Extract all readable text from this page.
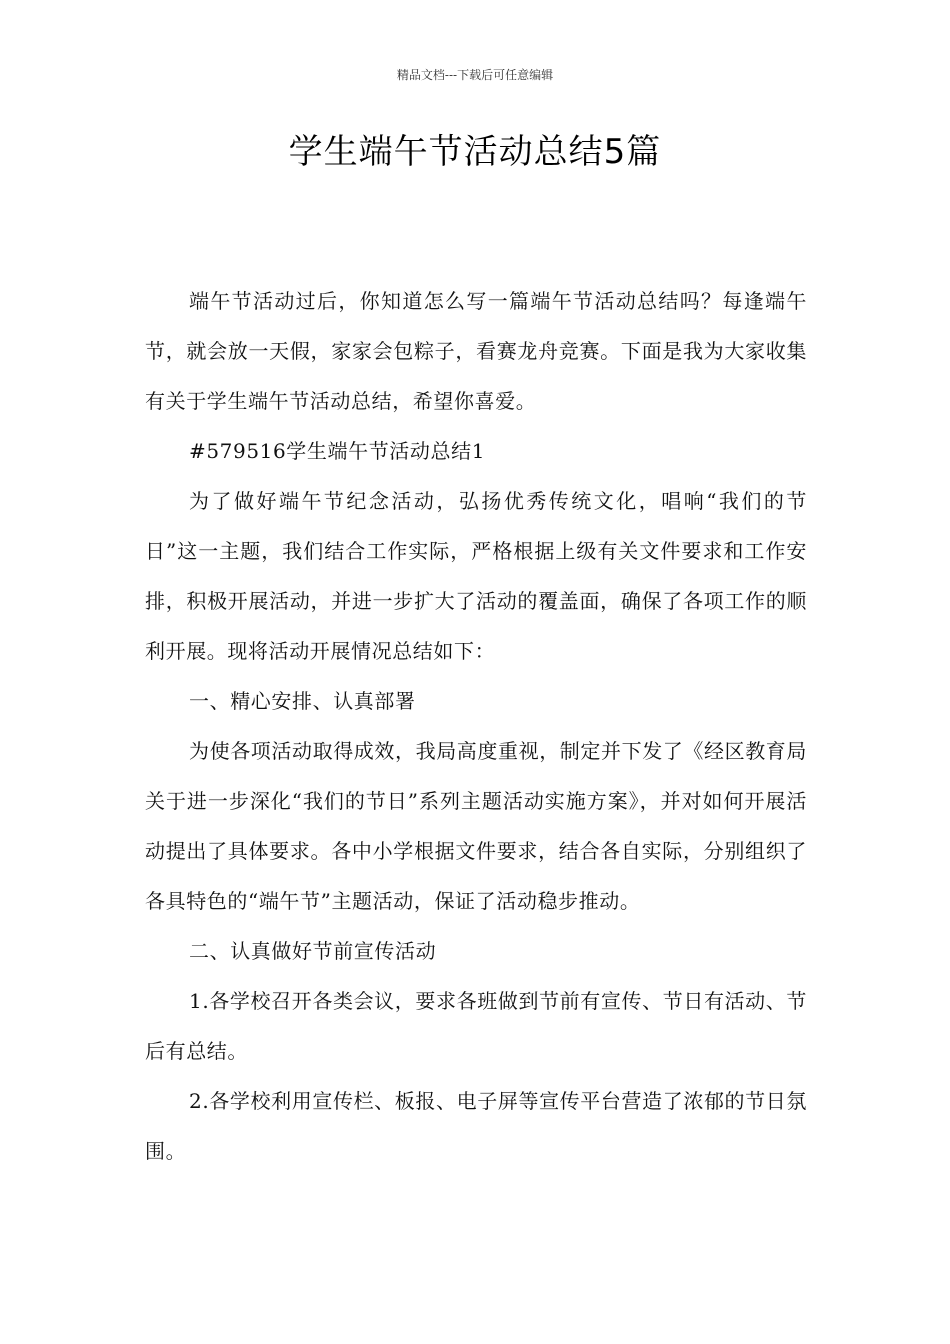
精品文档---下载后可任意编辑
学生端午节活动总结5篇

端午节活动过后，你知道怎么写一篇端午节活动总结吗？每逢端午节，就会放一天假，家家会包粽子，看赛龙舟竞赛。下面是我为大家收集有关于学生端午节活动总结，希望你喜爱。

#579516学生端午节活动总结1

为了做好端午节纪念活动，弘扬优秀传统文化，唱响“我们的节日”这一主题，我们结合工作实际，严格根据上级有关文件要求和工作安排，积极开展活动，并进一步扩大了活动的覆盖面，确保了各项工作的顺利开展。现将活动开展情况总结如下：

一、精心安排、认真部署

为使各项活动取得成效，我局高度重视，制定并下发了《经区教育局关于进一步深化“我们的节日”系列主题活动实施方案》，并对如何开展活动提出了具体要求。各中小学根据文件要求，结合各自实际，分别组织了各具特色的“端午节”主题活动，保证了活动稳步推动。

二、认真做好节前宣传活动

1.各学校召开各类会议，要求各班做到节前有宣传、节日有活动、节后有总结。

2.各学校利用宣传栏、板报、电子屏等宣传平台营造了浓郁的节日氛围。
